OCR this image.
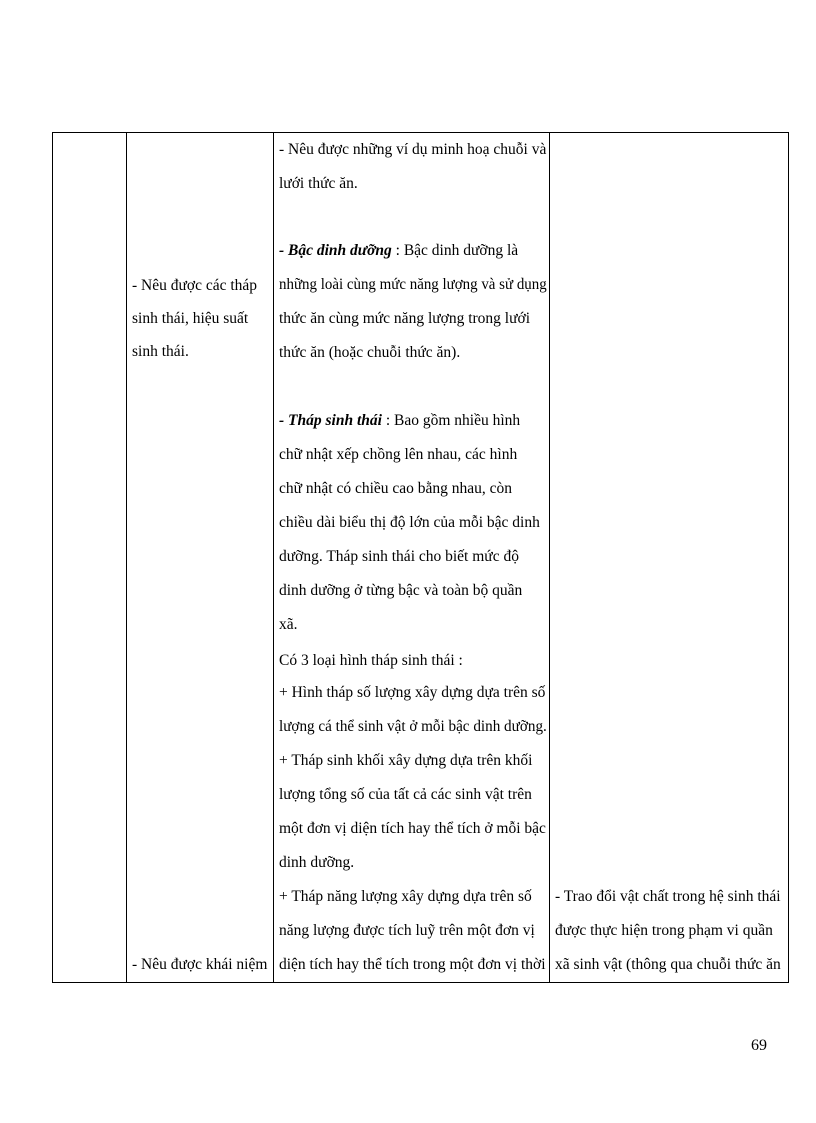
- Nêu được các tháp
sinh thái, hiệu suất
sinh thái.
- Nêu được khái niệm
- Nêu được những ví dụ minh hoạ chuỗi và
lưới thức ăn.
- Bậc dinh dưỡng : Bậc dinh dưỡng là
những loài cùng mức năng lượng và sử dụng
thức ăn cùng mức năng lượng trong lưới
thức ăn (hoặc chuỗi thức ăn).
- Tháp sinh thái : Bao gồm nhiều hình
chữ nhật xếp chồng lên nhau, các hình
chữ nhật có chiều cao bằng nhau, còn
chiều dài biểu thị độ lớn của mỗi bậc dinh
dưỡng. Tháp sinh thái cho biết mức độ
dinh dưỡng ở từng bậc và toàn bộ quần
xã.
Có 3 loại hình tháp sinh thái :
+ Hình tháp số lượng xây dựng dựa trên số
lượng cá thể sinh vật ở mỗi bậc dinh dưỡng.
+ Tháp sinh khối xây dựng dựa trên khối
lượng tổng số của tất cả các sinh vật trên
một đơn vị diện tích hay thể tích ở mỗi bậc
dinh dưỡng.
+ Tháp năng lượng xây dựng dựa trên số
năng lượng được tích luỹ trên một đơn vị
diện tích hay thể tích trong một đơn vị thời
- Trao đổi vật chất trong hệ sinh thái
được thực hiện trong phạm vi quần
xã sinh vật (thông qua chuỗi thức ăn
69
